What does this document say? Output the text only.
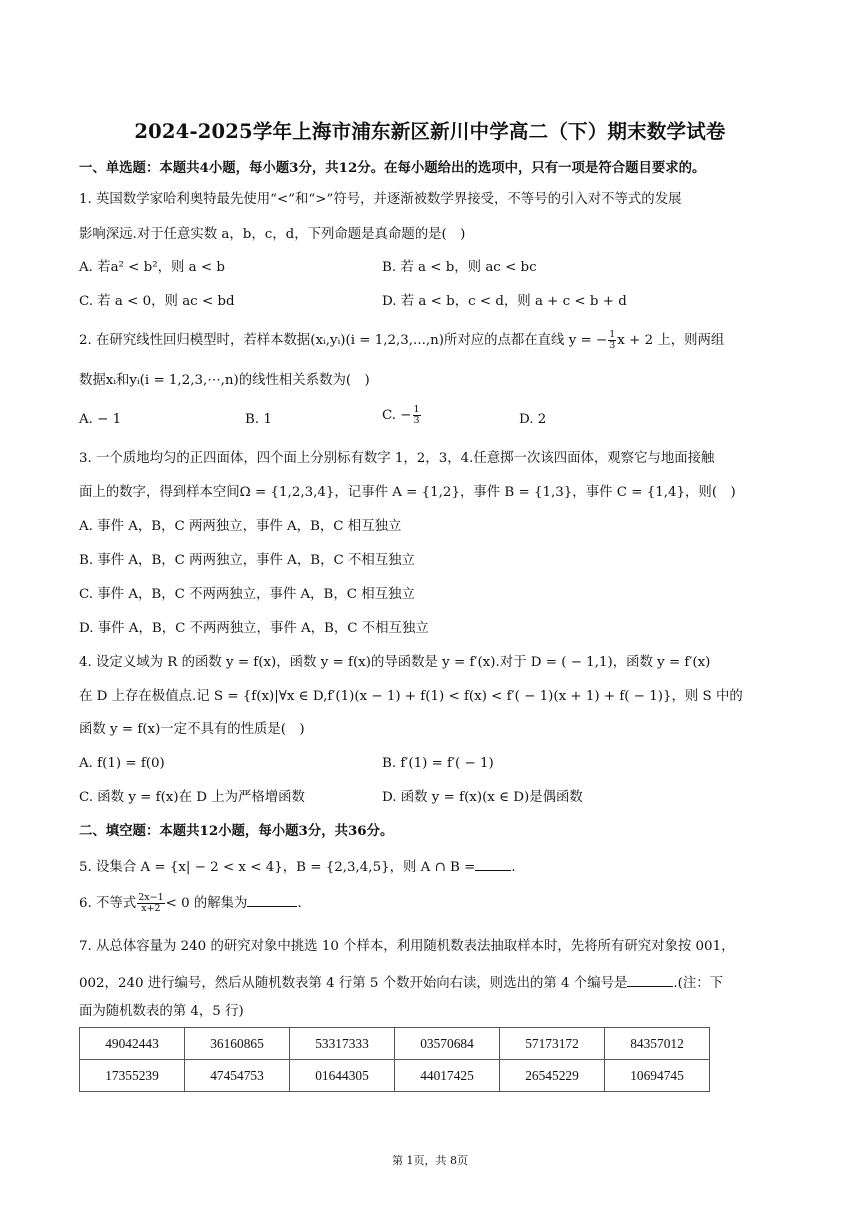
2024-2025学年上海市浦东新区新川中学高二（下）期末数学试卷
一、单选题：本题共4小题，每小题3分，共12分。在每小题给出的选项中，只有一项是符合题目要求的。
1. 英国数学家哈利奥特最先使用“<”和“>”符号，并逐渐被数学界接受，不等号的引入对不等式的发展
影响深远.对于任意实数 a，b，c，d，下列命题是真命题的是(　)
A. 若a² < b²，则 a < b	B. 若 a < b，则 ac < bc
C. 若 a < 0，则 ac < bd	D. 若 a < b，c < d，则 a + c < b + d
2. 在研究线性回归模型时，若样本数据(xᵢ,yᵢ)(i = 1,2,3,...,n)所对应的点都在直线 y = − $\frac{1}{3}$ x + 2 上，则两组
数据xᵢ和yᵢ(i = 1,2,3,⋯,n)的线性相关系数为(　)
A. − 1	B. 1	C. − $\frac{1}{3}$	D. 2
3. 一个质地均匀的正四面体，四个面上分别标有数字 1，2，3，4.任意掷一次该四面体，观察它与地面接触
面上的数字，得到样本空间Ω = {1,2,3,4}，记事件 A = {1,2}，事件 B = {1,3}，事件 C = {1,4}，则(　)
A. 事件 A，B，C 两两独立，事件 A，B，C 相互独立
B. 事件 A，B，C 两两独立，事件 A，B，C 不相互独立
C. 事件 A，B，C 不两两独立，事件 A，B，C 相互独立
D. 事件 A，B，C 不两两独立，事件 A，B，C 不相互独立
4. 设定义域为 R 的函数 y = f(x)，函数 y = f(x)的导函数是 y = f′(x).对于 D = ( − 1,1)，函数 y = f′(x)
在 D 上存在极值点.记 S = {f(x)|∀x ∈ D,f′(1)(x − 1) + f(1) < f(x) < f′( − 1)(x + 1) + f( − 1)}，则 S 中的
函数 y = f(x)一定不具有的性质是(　)
A. f(1) = f(0)	B. f′(1) = f′( − 1)
C. 函数 y = f(x)在 D 上为严格增函数	D. 函数 y = f(x)(x ∈ D)是偶函数
二、填空题：本题共12小题，每小题3分，共36分。
5. 设集合 A = {x| − 2 < x < 4}，B = {2,3,4,5}，则 A ∩ B =	.
6. 不等式 $\frac{2x-1}{x+2} < 0$ 的解集为	.
7. 从总体容量为 240 的研究对象中挑选 10 个样本，利用随机数表法抽取样本时，先将所有研究对象按 001，
002，240 进行编号，然后从随机数表第 4 行第 5 个数开始向右读，则选出的第 4 个编号是	.(注：下
面为随机数表的第 4，5 行)
49042443	36160865	53317333	03570684	57173172	84357012
17355239	47454753	01644305	44017425	26545229	10694745
第 1页，共 8页
